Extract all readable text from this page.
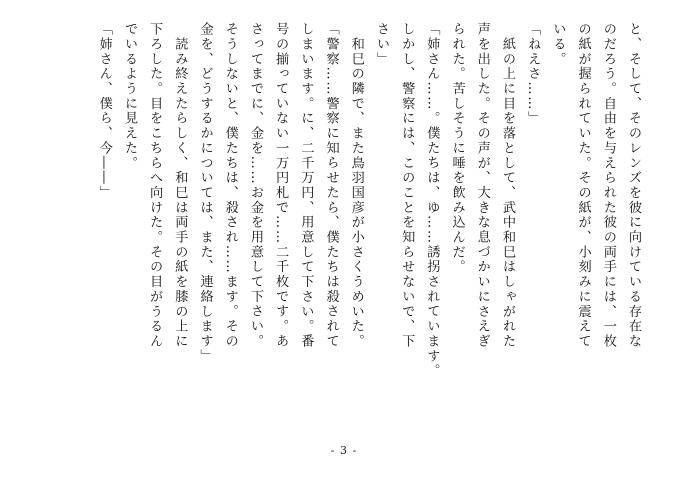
と、そして、そのレンズを彼に向けている存在な
のだろう。自由を与えられた彼の両手には、一枚
の紙が握られていた。その紙が、小刻みに震えて
いる。
「ねえさ……」
　紙の上に目を落として、武中和巳はしゃがれた
声を出した。その声が、大きな息づかいにさえぎ
られた。苦しそうに唾を飲み込んだ。
「姉さん……。僕たちは、ゆ……誘拐されています。
しかし、警察には、このことを知らせないで、下
さい」
　和巳の隣で、また鳥羽国彦が小さくうめいた。
「警察……警察に知らせたら、僕たちは殺されて
しまいます。に、二千万円、用意して下さい。番
号の揃っていない一万円札で……二千枚です。あ
さってまでに、金を……お金を用意して下さい。
そうしないと、僕たちは、殺され……ます。その
金を、どうするかについては、また、連絡します」
　読み終えたらしく、和巳は両手の紙を膝の上に
下ろした。目をこちらへ向けた。その目がうるん
でいるように見えた。
「姉さん、僕ら、今――」
- 3 -
